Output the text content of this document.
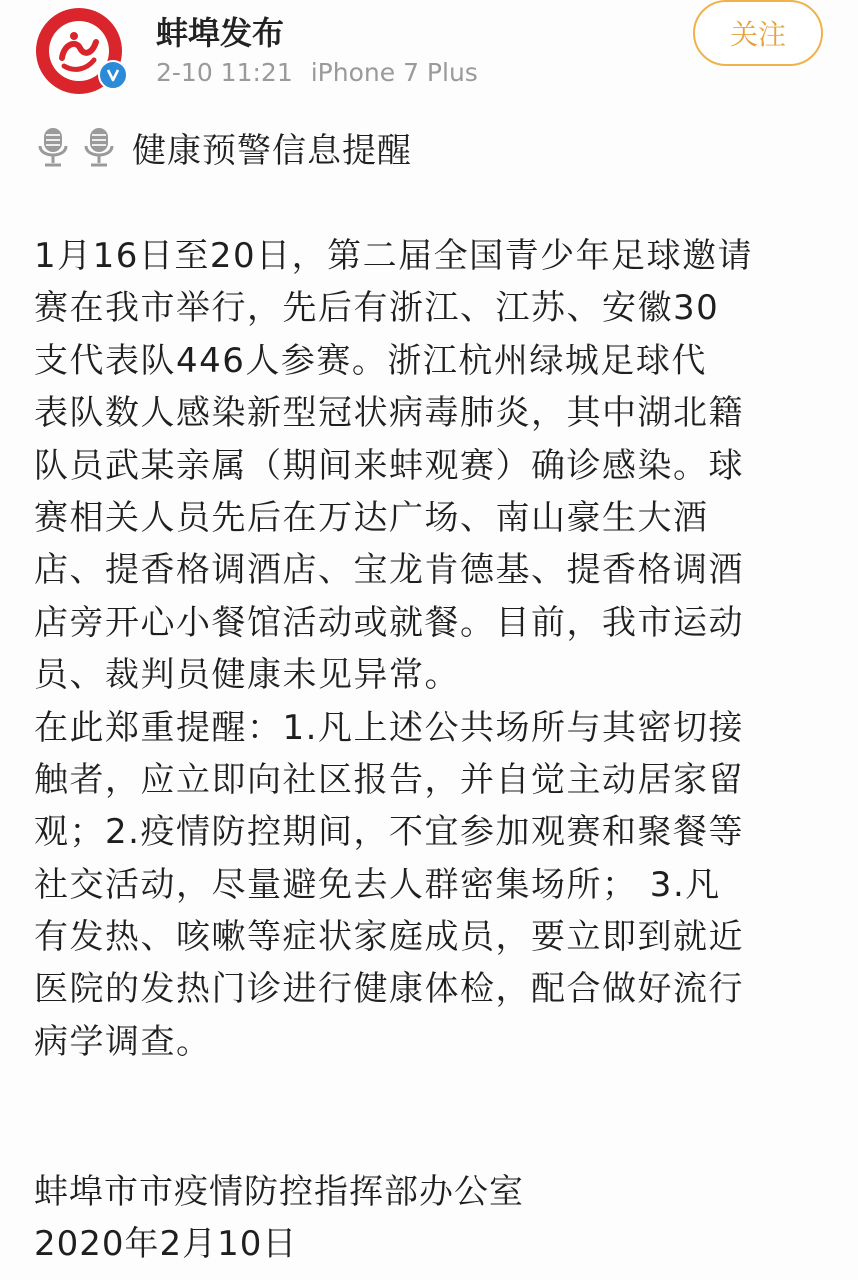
蚌埠发布
2-10 11:21 iPhone 7 Plus
关注
健康预警信息提醒
1月16日至20日，第二届全国青少年足球邀请
赛在我市举行，先后有浙江、江苏、安徽30
支代表队446人参赛。浙江杭州绿城足球代
表队数人感染新型冠状病毒肺炎，其中湖北籍
队员武某亲属（期间来蚌观赛）确诊感染。球
赛相关人员先后在万达广场、南山豪生大酒
店、提香格调酒店、宝龙肯德基、提香格调酒
店旁开心小餐馆活动或就餐。目前，我市运动
员、裁判员健康未见异常。
在此郑重提醒：1.凡上述公共场所与其密切接
触者，应立即向社区报告，并自觉主动居家留
观；2.疫情防控期间，不宜参加观赛和聚餐等
社交活动，尽量避免去人群密集场所； 3.凡
有发热、咳嗽等症状家庭成员，要立即到就近
医院的发热门诊进行健康体检，配合做好流行
病学调查。
蚌埠市市疫情防控指挥部办公室
2020年2月10日
